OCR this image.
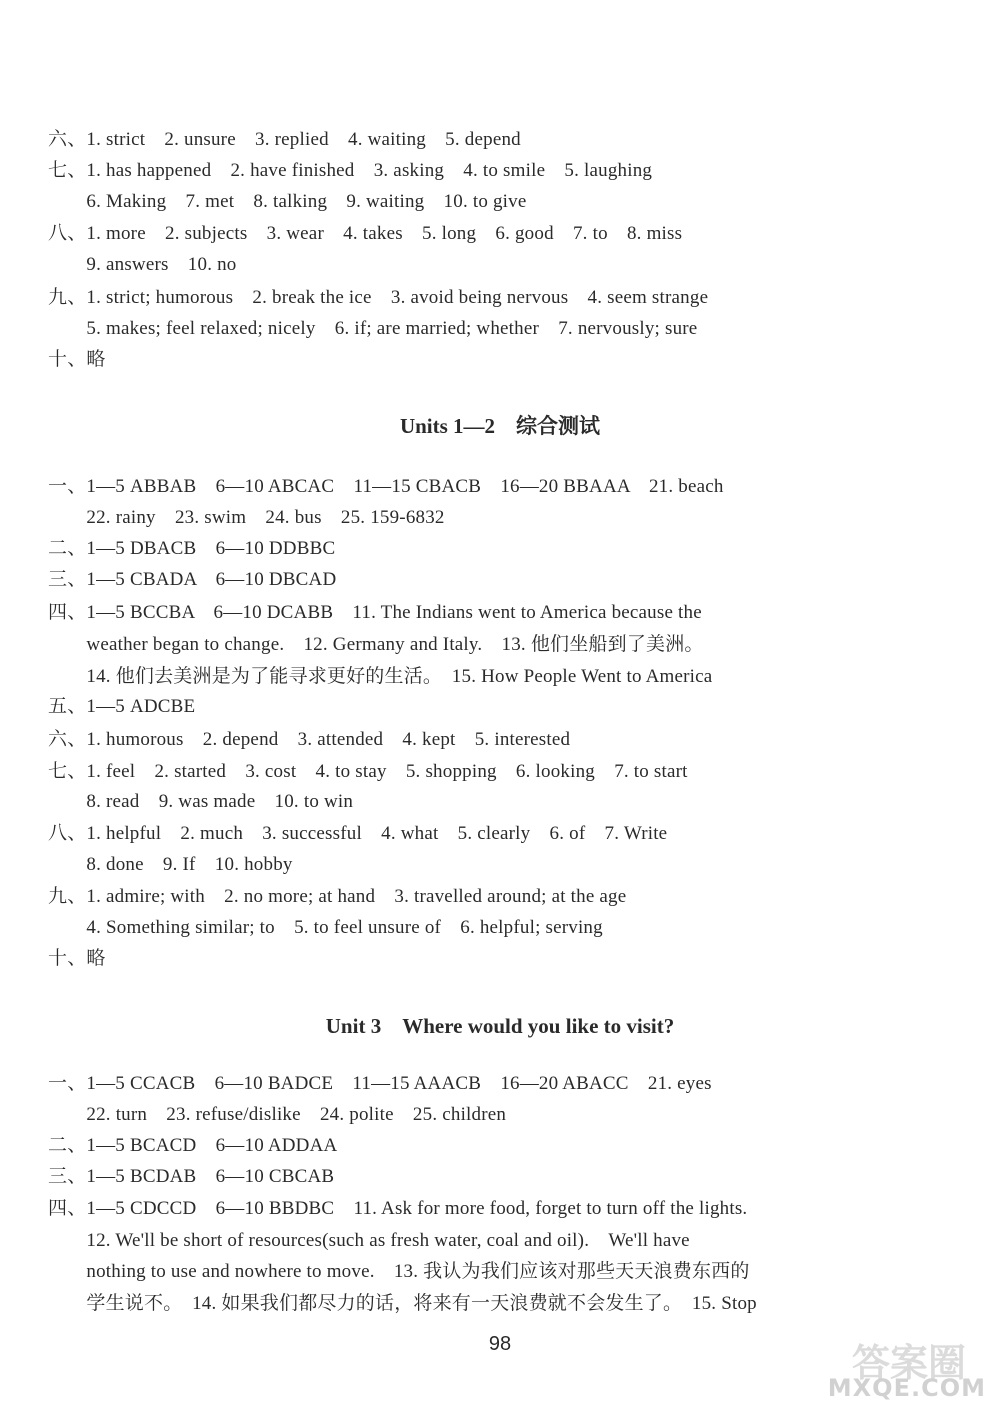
六、1. strict　2. unsure　3. replied　4. waiting　5. depend
七、1. has happened　2. have finished　3. asking　4. to smile　5. laughing
　　6. Making　7. met　8. talking　9. waiting　10. to give
八、1. more　2. subjects　3. wear　4. takes　5. long　6. good　7. to　8. miss
　　9. answers　10. no
九、1. strict; humorous　2. break the ice　3. avoid being nervous　4. seem strange
　　5. makes; feel relaxed; nicely　6. if; are married; whether　7. nervously; sure
十、略
Units 1—2　综合测试
一、1—5 ABBAB　6—10 ABCAC　11—15 CBACB　16—20 BBAAA　21. beach
　　22. rainy　23. swim　24. bus　25. 159-6832
二、1—5 DBACB　6—10 DDBBC
三、1—5 CBADA　6—10 DBCAD
四、1—5 BCCBA　6—10 DCABB　11. The Indians went to America because the
　　weather began to change.　12. Germany and Italy.　13. 他们坐船到了美洲。
　　14. 他们去美洲是为了能寻求更好的生活。　15. How People Went to America
五、1—5 ADCBE
六、1. humorous　2. depend　3. attended　4. kept　5. interested
七、1. feel　2. started　3. cost　4. to stay　5. shopping　6. looking　7. to start
　　8. read　9. was made　10. to win
八、1. helpful　2. much　3. successful　4. what　5. clearly　6. of　7. Write
　　8. done　9. If　10. hobby
九、1. admire; with　2. no more; at hand　3. travelled around; at the age
　　4. Something similar; to　5. to feel unsure of　6. helpful; serving
十、略
Unit 3　Where would you like to visit?
一、1—5 CCACB　6—10 BADCE　11—15 AAACB　16—20 ABACC　21. eyes
　　22. turn　23. refuse/dislike　24. polite　25. children
二、1—5 BCACD　6—10 ADDAA
三、1—5 BCDAB　6—10 CBCAB
四、1—5 CDCCD　6—10 BBDBC　11. Ask for more food, forget to turn off the lights.
　　12. We'll be short of resources(such as fresh water, coal and oil).　We'll have
　　nothing to use and nowhere to move.　13. 我认为我们应该对那些天天浪费东西的
　　学生说不。　14. 如果我们都尽力的话，将来有一天浪费就不会发生了。　15. Stop
98	答案圈
MXQE.COM
